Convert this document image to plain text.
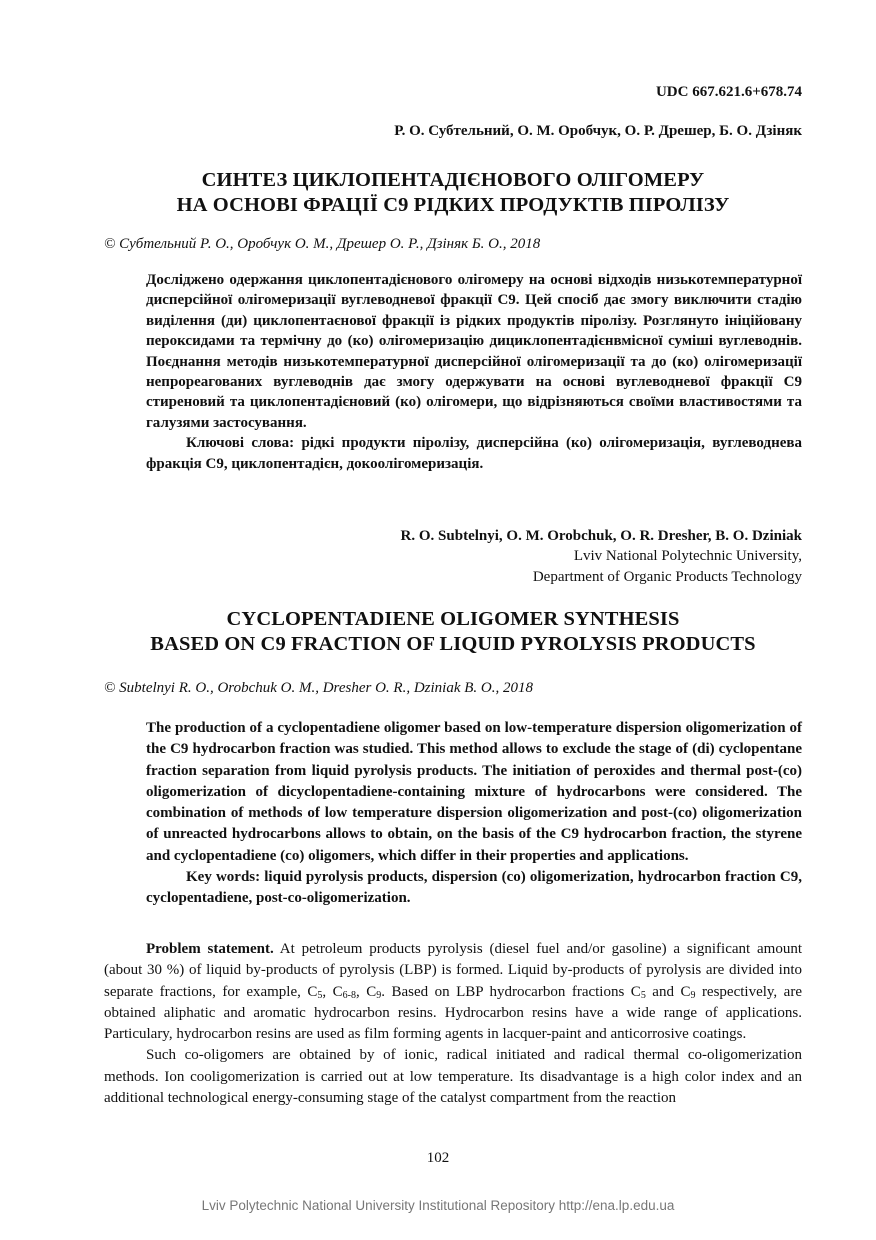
UDC 667.621.6+678.74
Р. О. Субтельний, О. М. Оробчук, О. Р. Дрешер, Б. О. Дзіняк
СИНТЕЗ ЦИКЛОПЕНТАДІЄНОВОГО ОЛІГОМЕРУ
НА ОСНОВІ ФРАЦІЇ С9 РІДКИХ ПРОДУКТІВ ПІРОЛІЗУ
© Субтельний Р. О., Оробчук О. М., Дрешер О. Р., Дзіняк Б. О., 2018

Досліджено одержання циклопентадієнового олігомеру на основі відходів низькотемпературної дисперсійної олігомеризації вуглеводневої фракції С9. Цей спосіб дає змогу виключити стадію виділення (ди) циклопентаєнової фракції із рідких продуктів піролізу. Розглянуто ініційовану пероксидами та термічну до (ко) олігомеризацію дициклопентадієнвмісної суміші вуглеводнів. Поєднання методів низькотемпературної дисперсійної олігомеризації та до (ко) олігомеризації непрореагованих вуглеводнів дає змогу одержувати на основі вуглеводневої фракції С9 стиреновий та циклопентадієновий (ко) олігомери, що відрізняються своїми властивостями та галузями застосування.

Ключові слова: рідкі продукти піролізу, дисперсійна (ко) олігомеризація, вуглеводнева фракція С9, циклопентадієн, докоолігомеризація.

R. O. Subtelnyi, O. M. Orobchuk, O. R. Dresher, B. O. Dziniak
Lviv National Polytechnic University,
Department of Organic Products Technology
CYCLOPENTADIENE OLIGOMER SYNTHESIS
BASED ON C9 FRACTION OF LIQUID PYROLYSIS PRODUCTS
© Subtelnyi R. O., Orobchuk O. M., Dresher O. R., Dziniak B. O., 2018

The production of a cyclopentadiene oligomer based on low-temperature dispersion oligomerization of the C9 hydrocarbon fraction was studied. This method allows to exclude the stage of (di) cyclopentane fraction separation from liquid pyrolysis products. The initiation of peroxides and thermal post-(co) oligomerization of dicyclopentadiene-containing mixture of hydrocarbons were considered. The combination of methods of low temperature dispersion oligomerization and post-(co) oligomerization of unreacted hydrocarbons allows to obtain, on the basis of the C9 hydrocarbon fraction, the styrene and cyclopentadiene (co) oligomers, which differ in their properties and applications.

Key words: liquid pyrolysis products, dispersion (co) oligomerization, hydrocarbon fraction C9, cyclopentadiene, post-co-oligomerization.

Problem statement. At petroleum products pyrolysis (diesel fuel and/or gasoline) a significant amount (about 30 %) of liquid by-products of pyrolysis (LBP) is formed. Liquid by-products of pyrolysis are divided into separate fractions, for example, $C_5$, $C_{6-8}$, $C_9$. Based on LBP hydrocarbon fractions $C_5$ and $C_9$ respectively, are obtained aliphatic and aromatic hydrocarbon resins. Hydrocarbon resins have a wide range of applications. Particulary, hydrocarbon resins are used as film forming agents in lacquer-paint and anticorrosive coatings.

Such co-oligomers are obtained by of ionic, radical initiated and radical thermal co-oligomerization methods. Ion cooligomerization is carried out at low temperature. Its disadvantage is a high color index and an additional technological energy-consuming stage of the catalyst compartment from the reaction

102
Lviv Polytechnic National University Institutional Repository http://ena.lp.edu.ua
